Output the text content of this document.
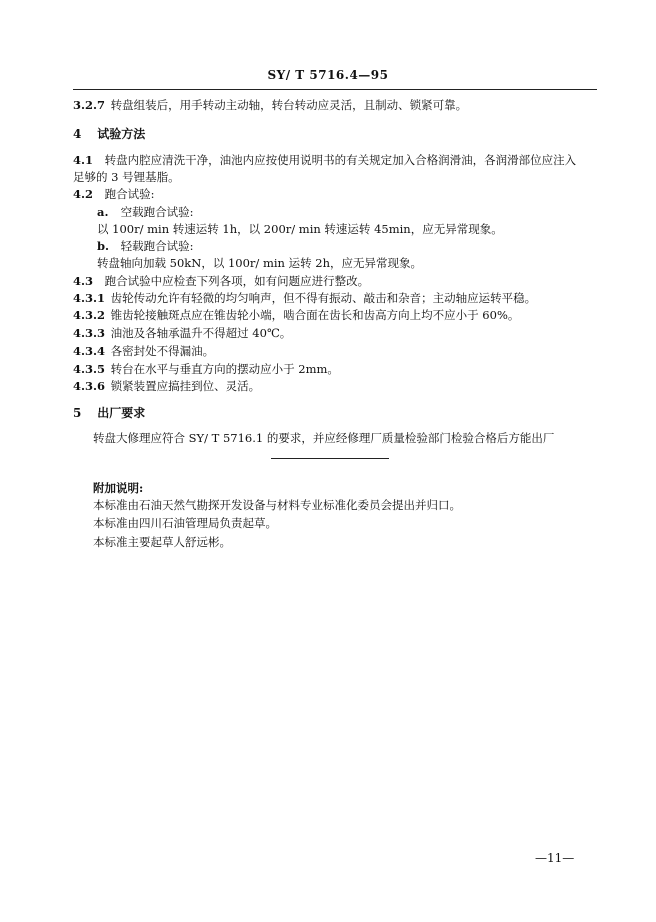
SY/ T 5716.4—95
3.2.7 转盘组装后，用手转动主动轴，转台转动应灵活，且制动、锁紧可靠。
4 试验方法
4.1 转盘内腔应清洗干净，油池内应按使用说明书的有关规定加入合格润滑油，各润滑部位应注入
足够的 3 号锂基脂。
4.2 跑合试验:
a. 空载跑合试验:
以 100r/ min 转速运转 1h，以 200r/ min 转速运转 45min，应无异常现象。
b. 轻载跑合试验:
转盘轴向加载 50kN，以 100r/ min 运转 2h，应无异常现象。
4.3 跑合试验中应检查下列各项，如有问题应进行整改。
4.3.1 齿轮传动允许有轻微的均匀响声，但不得有振动、敲击和杂音；主动轴应运转平稳。
4.3.2 锥齿轮接触斑点应在锥齿轮小端，啮合面在齿长和齿高方向上均不应小于 60%。
4.3.3 油池及各轴承温升不得超过 40℃。
4.3.4 各密封处不得漏油。
4.3.5 转台在水平与垂直方向的摆动应小于 2mm。
4.3.6 锁紧装置应搞挂到位、灵活。
5 出厂要求
转盘大修理应符合 SY/ T 5716.1 的要求，并应经修理厂质量检验部门检验合格后方能出厂
附加说明:
本标准由石油天然气勘探开发设备与材料专业标准化委员会提出并归口。
本标准由四川石油管理局负责起草。
本标准主要起草人舒远彬。
—11—
